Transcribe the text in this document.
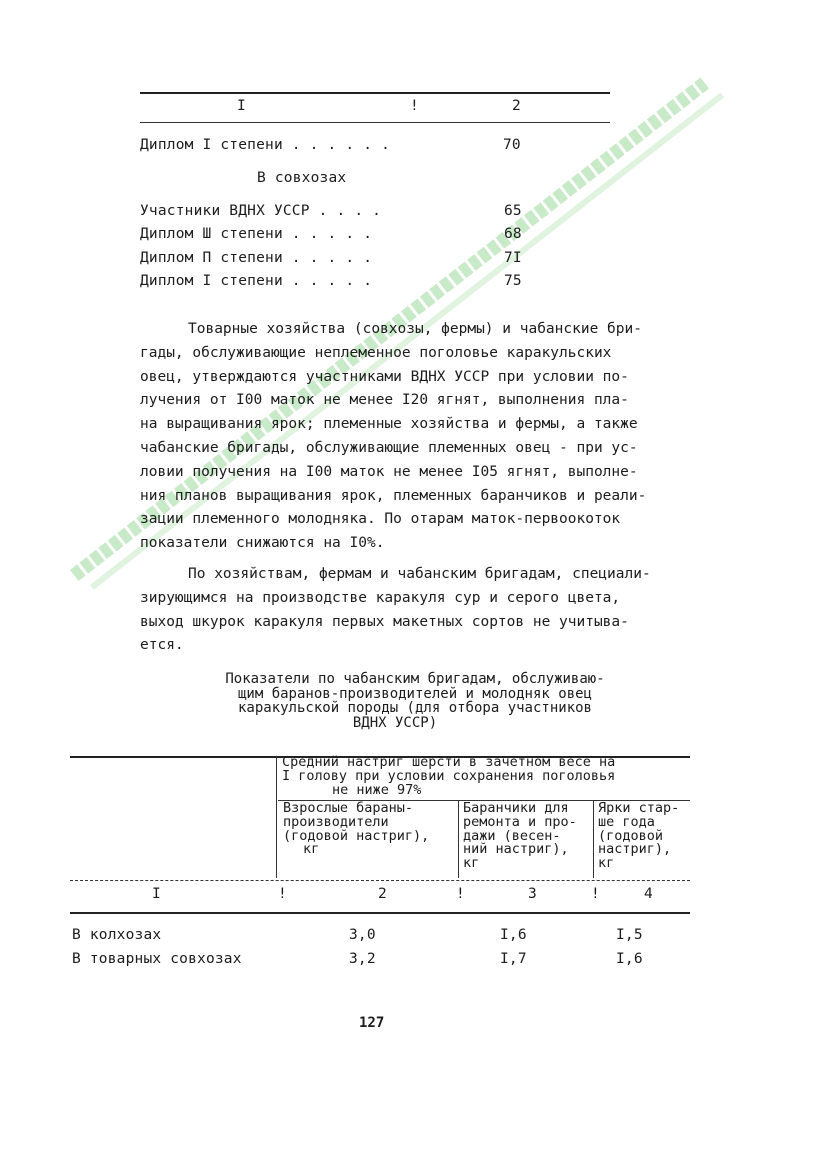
I	!	2
Диплом I степени . . . . . .	70
В совхозах
Участники ВДНХ УССР . . . .	65
Диплом Ш степени . . . . .	68
Диплом П степени . . . . .	7I
Диплом I степени . . . . .	75
Товарные хозяйства (совхозы, фермы) и чабанские бри-
гады, обслуживающие неплеменное поголовье каракульских
овец, утверждаются участниками ВДНХ УССР при условии по-
лучения от I00 маток не менее I20 ягнят, выполнения пла-
на выращивания ярок; племенные хозяйства и фермы, а также
чабанские бригады, обслуживающие племенных овец - при ус-
ловии получения на I00 маток не менее I05 ягнят, выполне-
ния планов выращивания ярок, племенных баранчиков и реали-
зации племенного молодняка. По отарам маток-первоокоток
показатели снижаются на I0%.
По хозяйствам, фермам и чабанским бригадам, специали-
зирующимся на производстве каракуля сур и серого цвета,
выход шкурок каракуля первых макетных сортов не учитыва-
ется.
Показатели по чабанским бригадам, обслуживаю-
щим баранов-производителей и молодняк овец
каракульской породы (для отбора участников
ВДНХ УССР)
Средний настриг шерсти в зачетном весе на
I голову при условии сохранения поголовья
не ниже 97%
Взрослые бараны-
производители
(годовой настриг),
кг
Баранчики для
ремонта и про-
дажи (весен-
ний настриг),
кг
Ярки стар-
ше года
(годовой
настриг),
кг
I	!	2	!	3	!	4
В колхозах	3,0	I,6	I,5
В товарных совхозах	3,2	I,7	I,6
127
